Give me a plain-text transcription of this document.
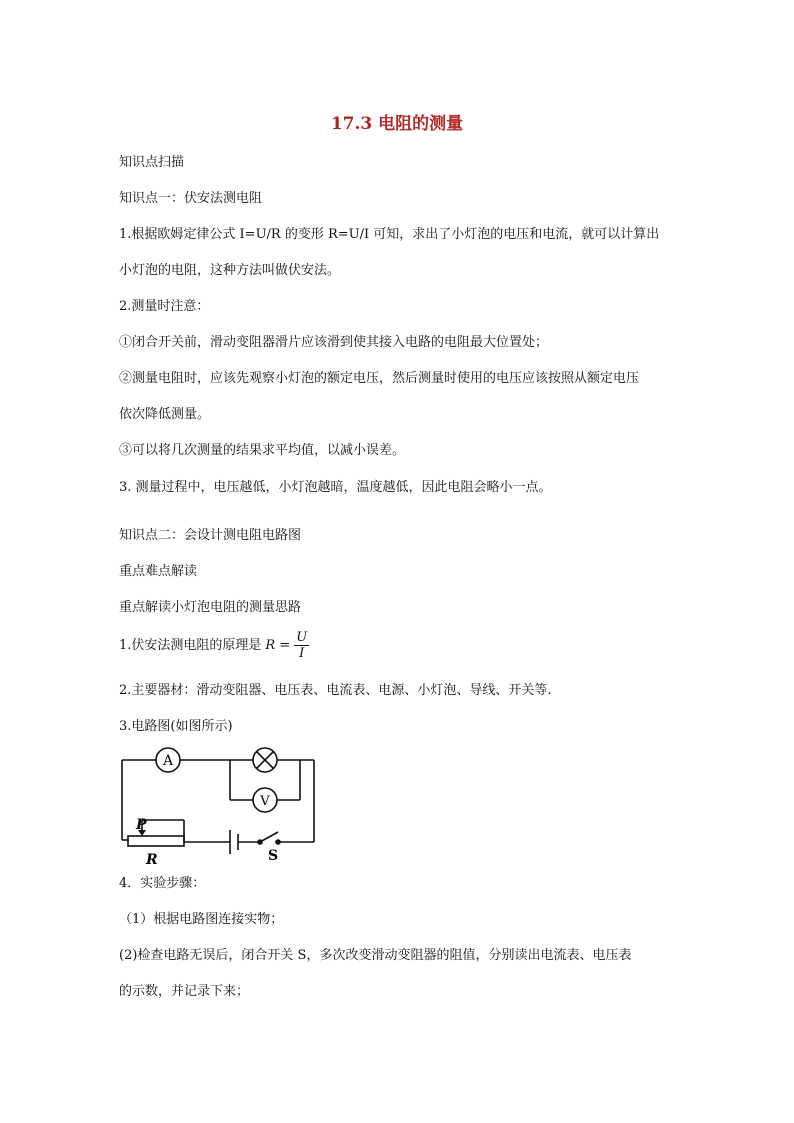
17.3 电阻的测量
知识点扫描
知识点一：伏安法测电阻
1.根据欧姆定律公式 I=U/R 的变形 R=U/I 可知，求出了小灯泡的电压和电流，就可以计算出
小灯泡的电阻，这种方法叫做伏安法。
2.测量时注意：
①闭合开关前，滑动变阻器滑片应该滑到使其接入电路的电阻最大位置处；
②测量电阻时，应该先观察小灯泡的额定电压，然后测量时使用的电压应该按照从额定电压
依次降低测量。
③可以将几次测量的结果求平均值，以减小误差。
3. 测量过程中，电压越低，小灯泡越暗，温度越低，因此电阻会略小一点。
知识点二：会设计测电阻电路图
重点难点解读
重点解读小灯泡电阻的测量思路
1.伏安法测电阻的原理是 $R = \frac{U}{I}$
2.主要器材：滑动变阻器、电压表、电流表、电源、小灯泡、导线、开关等.
3.电路图(如图所示)
A
V
P
R	S
4．实验步骤：
（1）根据电路图连接实物；
(2)检查电路无误后，闭合开关 S，多次改变滑动变阻器的阻值，分别读出电流表、电压表
的示数，并记录下来；
